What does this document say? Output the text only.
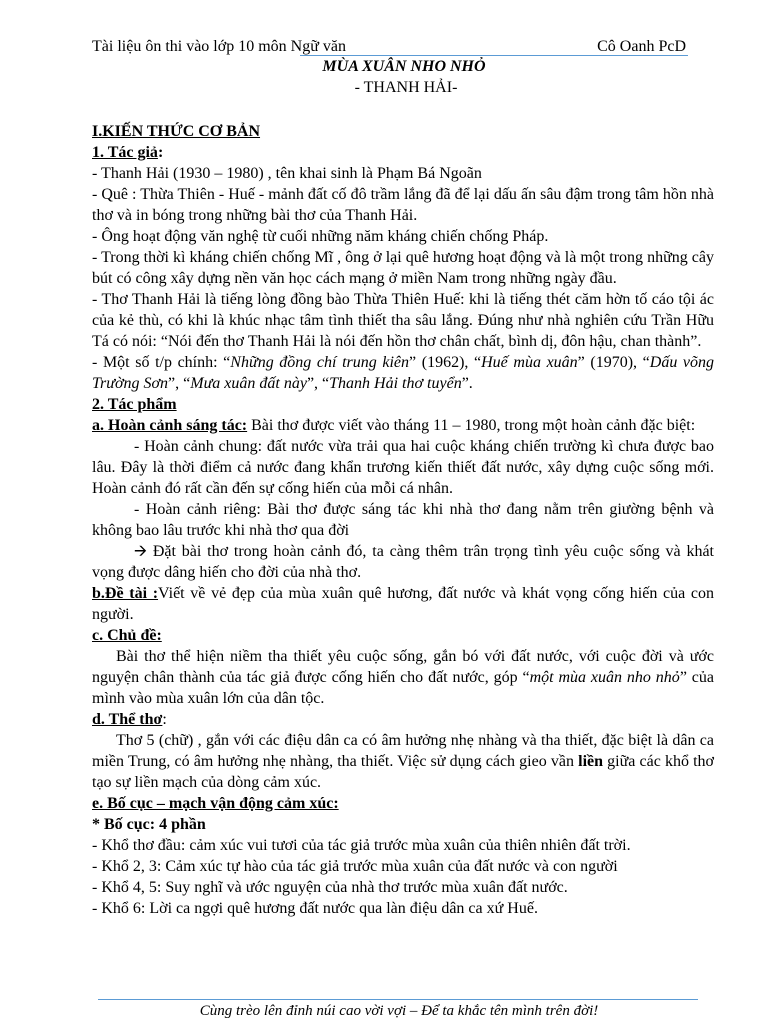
Tài liệu ôn thi vào lớp 10 môn Ngữ văn	Cô Oanh PcD
MÙA XUÂN NHO NHỎ
- THANH HẢI-

I.KIẾN THỨC CƠ BẢN

1. Tác giả:

- Thanh Hải (1930 – 1980) , tên khai sinh là Phạm Bá Ngoãn

- Quê : Thừa Thiên - Huế - mảnh đất cố đô trầm lắng đã để lại dấu ấn sâu đậm trong tâm hồn nhà thơ và in bóng trong những bài thơ của Thanh Hải.

- Ông hoạt động văn nghệ từ cuối những năm kháng chiến chống Pháp.

- Trong thời kì kháng chiến chống Mĩ , ông ở lại quê hương hoạt động và là một trong những cây bút có công xây dựng nền văn học cách mạng ở miền Nam trong những ngày đầu.

- Thơ Thanh Hải là tiếng lòng đồng bào Thừa Thiên Huế: khi là tiếng thét căm hờn tố cáo tội ác của kẻ thù, có khi là khúc nhạc tâm tình thiết tha sâu lắng. Đúng như nhà nghiên cứu Trần Hữu Tá có nói: “Nói đến thơ Thanh Hải là nói đến hồn thơ chân chất, bình dị, đôn hậu, chan thành”.

- Một số t/p chính: “Những đồng chí trung kiên” (1962), “Huế mùa xuân” (1970), “Dấu võng Trường Sơn”, “Mưa xuân đất này”, “Thanh Hải thơ tuyển”.

2. Tác phẩm

a. Hoàn cảnh sáng tác: Bài thơ được viết vào tháng 11 – 1980, trong một hoàn cảnh đặc biệt:

- Hoàn cảnh chung: đất nước vừa trải qua hai cuộc kháng chiến trường kì chưa được bao lâu. Đây là thời điểm cả nước đang khẩn trương kiến thiết đất nước, xây dựng cuộc sống mới. Hoàn cảnh đó rất cần đến sự cống hiến của mỗi cá nhân.

- Hoàn cảnh riêng: Bài thơ được sáng tác khi nhà thơ đang nằm trên giường bệnh và không bao lâu trước khi nhà thơ qua đời

🡪 Đặt bài thơ trong hoàn cảnh đó, ta càng thêm trân trọng tình yêu cuộc sống và khát vọng được dâng hiến cho đời của nhà thơ.

b.Đề tài :Viết về vẻ đẹp của mùa xuân quê hương, đất nước và khát vọng cống hiến của con người.

c. Chủ đề:

Bài thơ thể hiện niềm tha thiết yêu cuộc sống, gắn bó với đất nước, với cuộc đời và ước nguyện chân thành của tác giả được cống hiến cho đất nước, góp “một mùa xuân nho nhỏ” của mình vào mùa xuân lớn của dân tộc.

d. Thể thơ:

Thơ 5 (chữ) , gắn với các điệu dân ca có âm hưởng nhẹ nhàng và tha thiết, đặc biệt là dân ca miền Trung, có âm hưởng nhẹ nhàng, tha thiết. Việc sử dụng cách gieo vần liền giữa các khổ thơ tạo sự liền mạch của dòng cảm xúc.

e. Bố cục – mạch vận động cảm xúc:

* Bố cục: 4 phần

- Khổ thơ đầu: cảm xúc vui tươi của tác giả trước mùa xuân của thiên nhiên đất trời.

- Khổ 2, 3: Cảm xúc tự hào của tác giả trước mùa xuân của đất nước và con người

- Khổ 4, 5: Suy nghĩ và ước nguyện của nhà thơ trước mùa xuân đất nước.

- Khổ 6: Lời ca ngợi quê hương đất nước qua làn điệu dân ca xứ Huế.

Cùng trèo lên đỉnh núi cao vời vợi – Để ta khắc tên mình trên đời!
